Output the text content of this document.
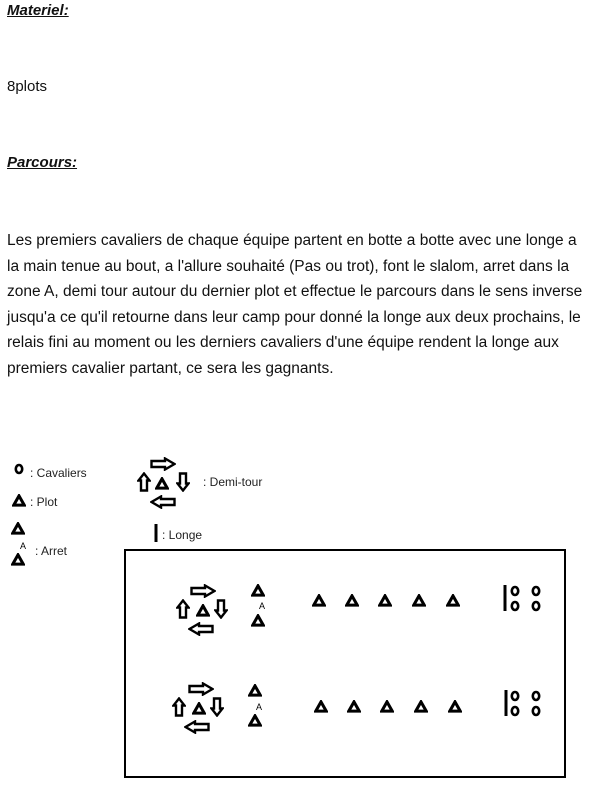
Materiel:

8plots

Parcours:

Les premiers cavaliers de chaque équipe partent en botte a botte avec une longe a la main tenue au bout, a l'allure souhaité (Pas ou trot), font le slalom, arret dans la zone A, demi tour autour du dernier plot et effectue le parcours dans le sens inverse jusqu'a ce qu'il retourne dans leur camp pour donné la longe aux deux prochains, le relais fini au moment ou les derniers cavaliers d'une équipe rendent la longe aux premiers cavalier partant, ce sera les gagnants.

: Cavaliers
: Plot
: Arret
: Demi-tour
: Longe
A
A
A
